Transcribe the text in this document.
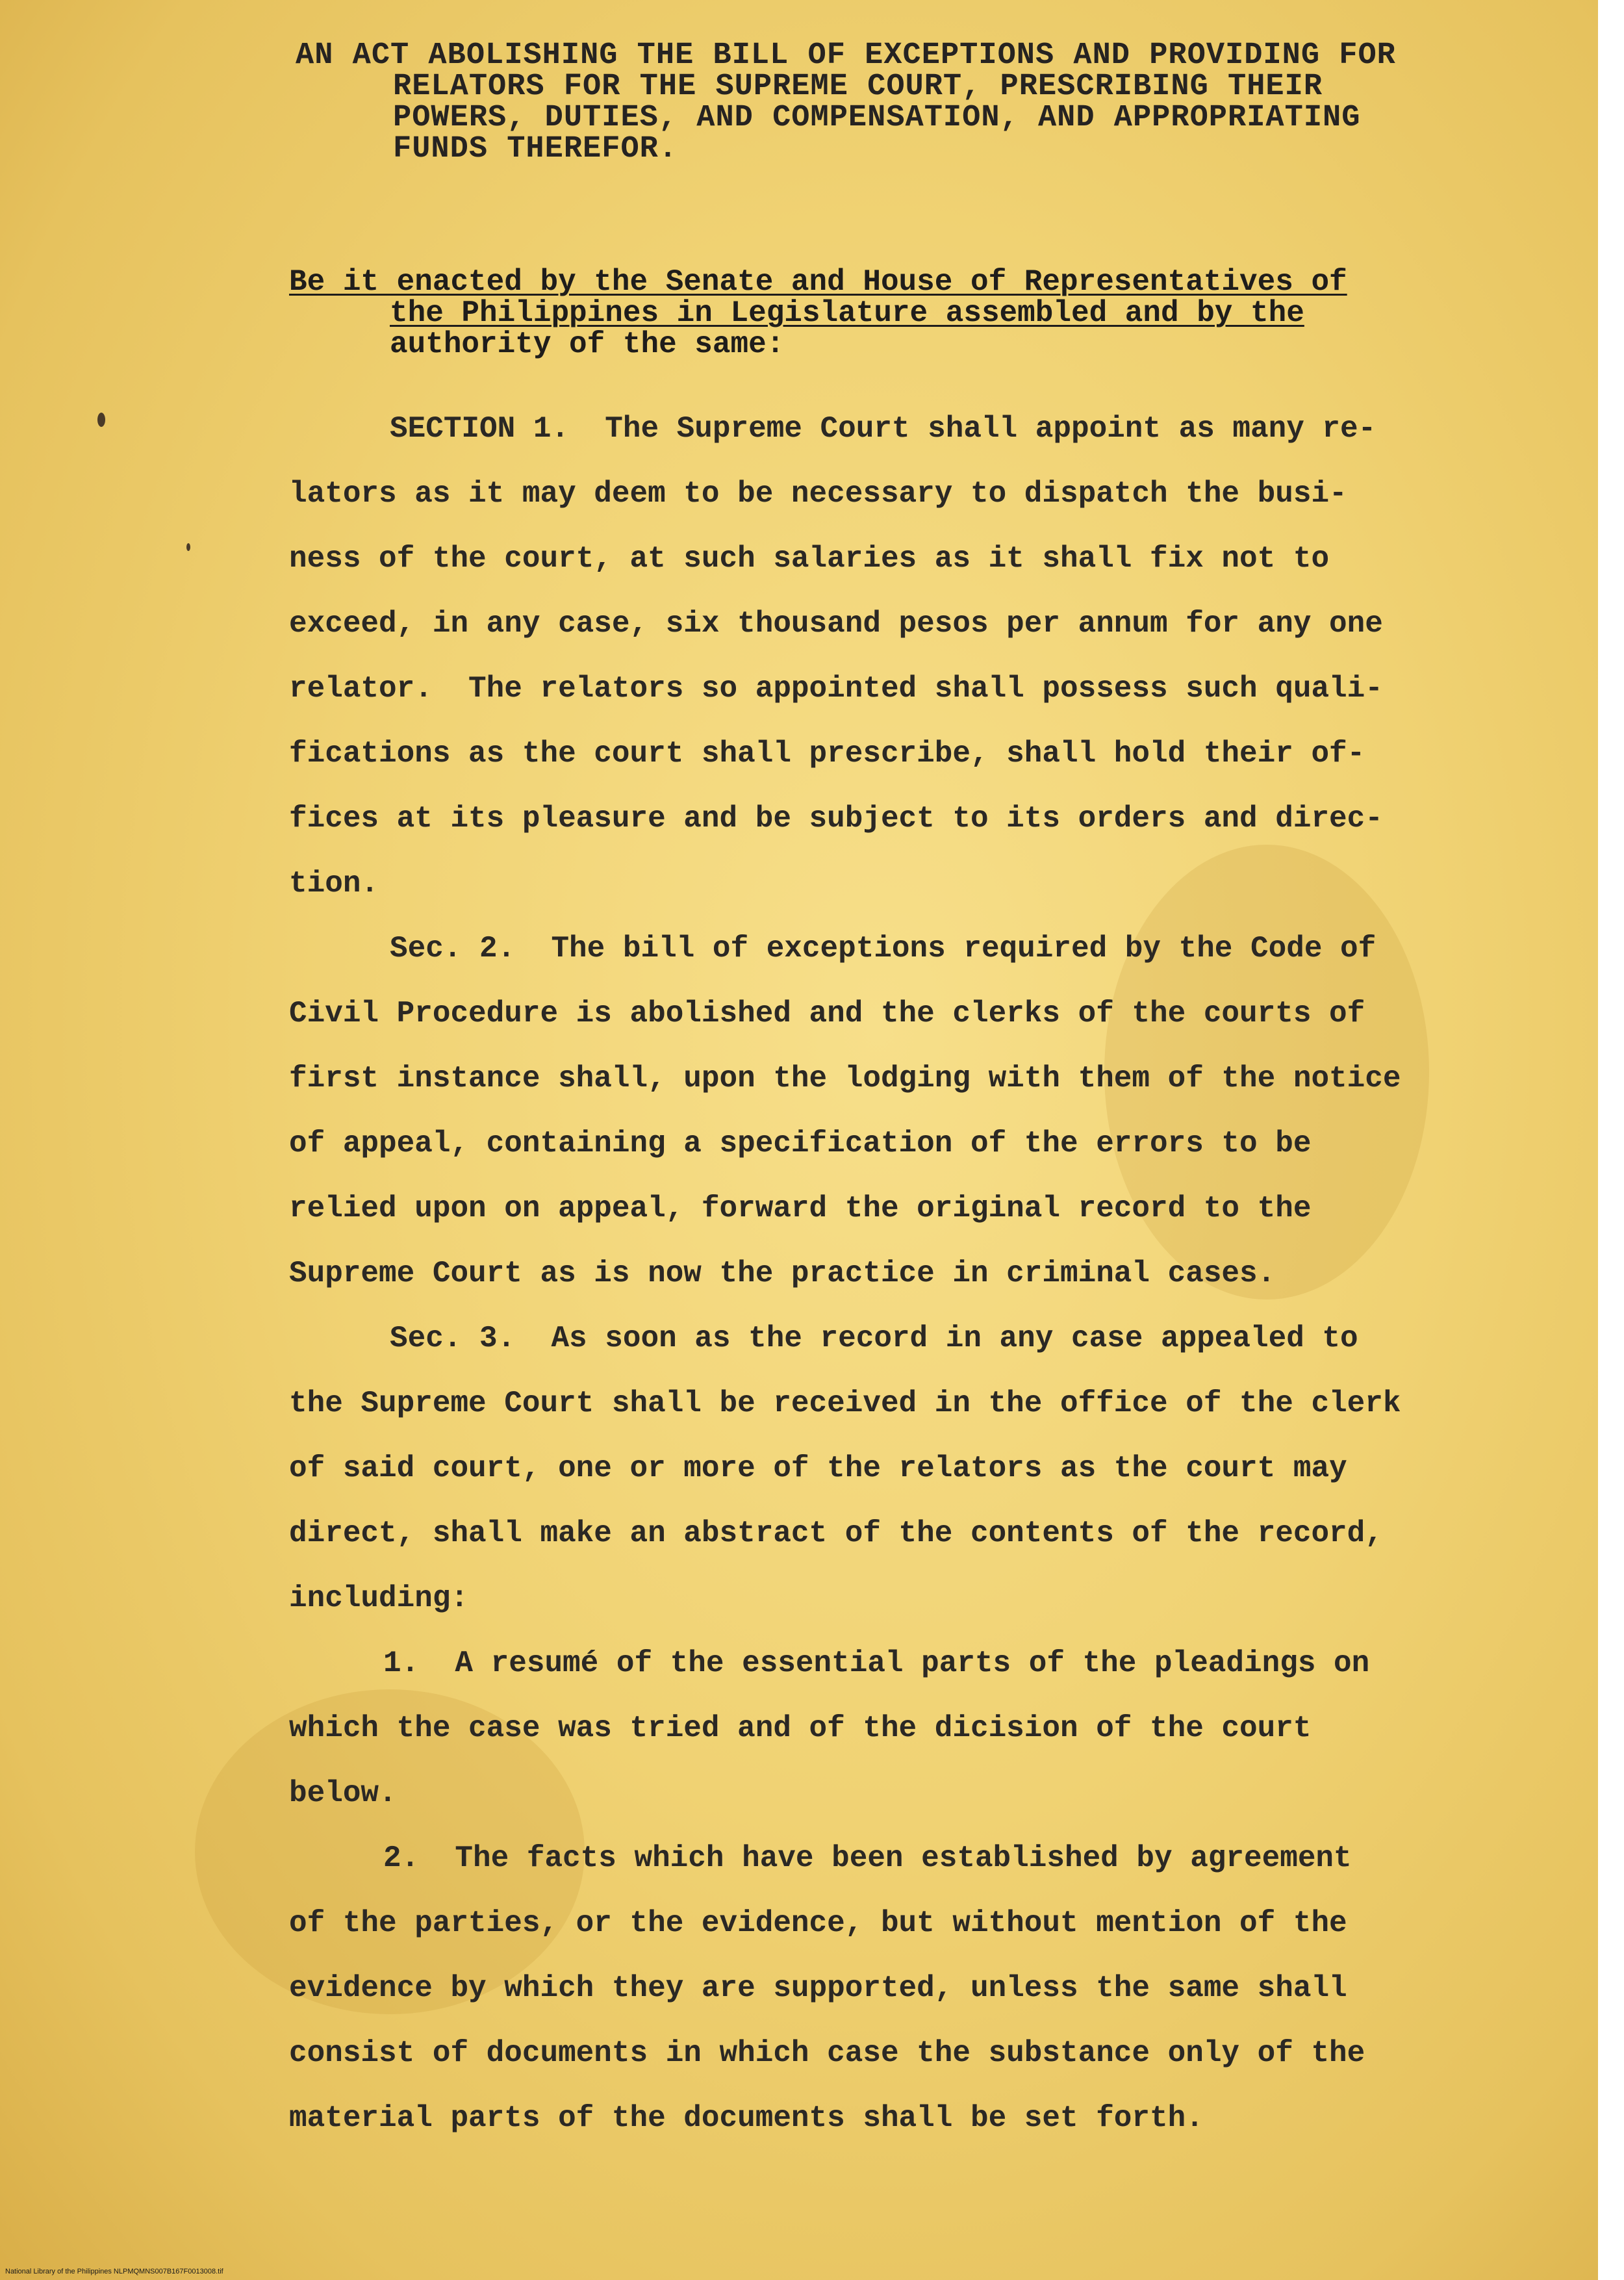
AN ACT ABOLISHING THE BILL OF EXCEPTIONS AND PROVIDING FOR
RELATORS FOR THE SUPREME COURT, PRESCRIBING THEIR
POWERS, DUTIES, AND COMPENSATION, AND APPROPRIATING
FUNDS THEREFOR.
Be it enacted by the Senate and House of Representatives of
the Philippines in Legislature assembled and by the
authority of the same:
SECTION 1.  The Supreme Court shall appoint as many re-
lators as it may deem to be necessary to dispatch the busi-
ness of the court, at such salaries as it shall fix not to
exceed, in any case, six thousand pesos per annum for any one
relator.  The relators so appointed shall possess such quali-
fications as the court shall prescribe, shall hold their of-
fices at its pleasure and be subject to its orders and direc-
tion.
Sec. 2.  The bill of exceptions required by the Code of
Civil Procedure is abolished and the clerks of the courts of
first instance shall, upon the lodging with them of the notice
of appeal, containing a specification of the errors to be
relied upon on appeal, forward the original record to the
Supreme Court as is now the practice in criminal cases.
Sec. 3.  As soon as the record in any case appealed to
the Supreme Court shall be received in the office of the clerk
of said court, one or more of the relators as the court may
direct, shall make an abstract of the contents of the record,
including:
1.  A resumé of the essential parts of the pleadings on
which the case was tried and of the dicision of the court
below.
2.  The facts which have been established by agreement
of the parties, or the evidence, but without mention of the
evidence by which they are supported, unless the same shall
consist of documents in which case the substance only of the
material parts of the documents shall be set forth.
National Library of the Philippines NLPMQMNS007B167F0013008.tif
